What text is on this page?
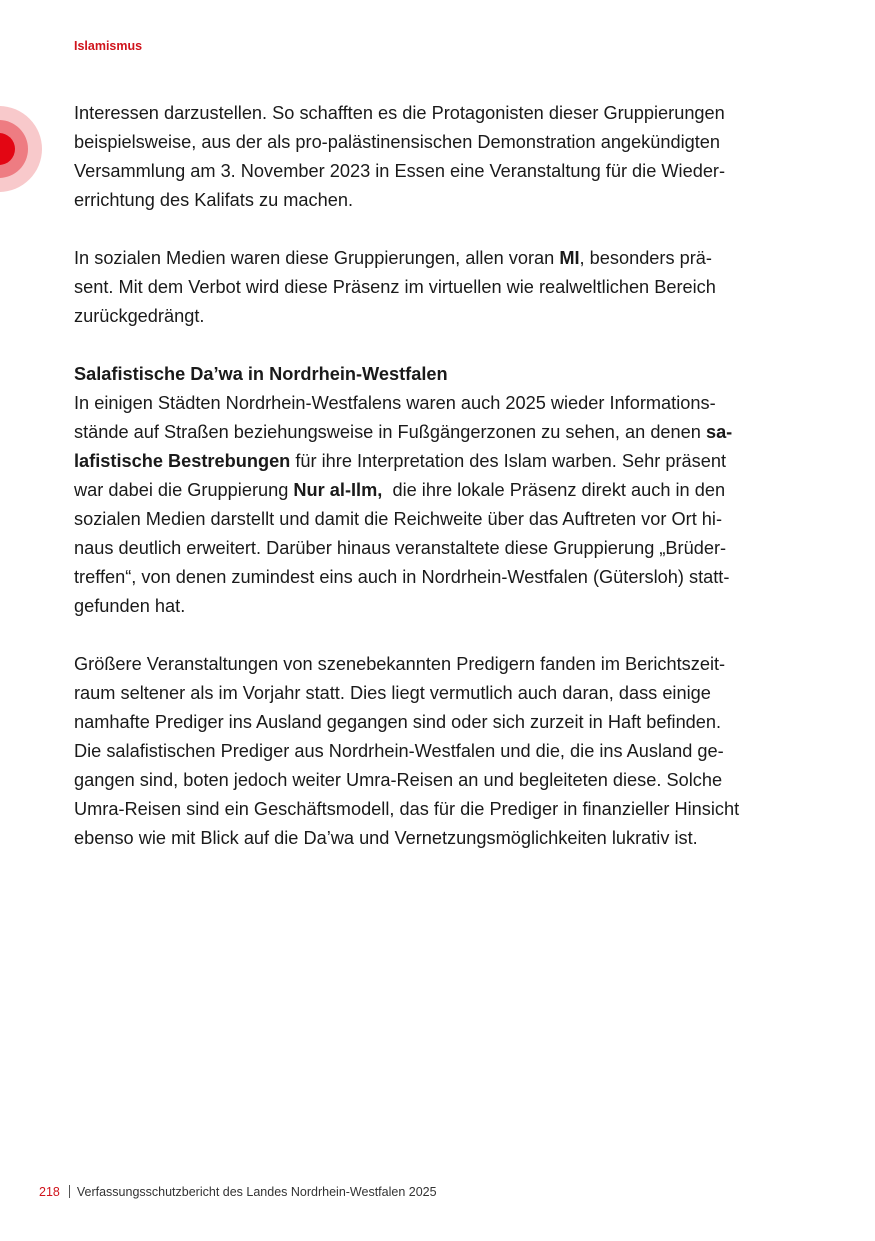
Islamismus
Interessen darzustellen. So schafften es die Protagonisten dieser Gruppierungen
beispielsweise, aus der als pro-palästinensischen Demonstration angekündigten
Versammlung am 3. November 2023 in Essen eine Veranstaltung für die Wieder-
errichtung des Kalifats zu machen.
In sozialen Medien waren diese Gruppierungen, allen voran MI, besonders prä-
sent. Mit dem Verbot wird diese Präsenz im virtuellen wie realweltlichen Bereich
zurückgedrängt.
Salafistische Da’wa in Nordrhein-Westfalen
In einigen Städten Nordrhein-Westfalens waren auch 2025 wieder Informations-
stände auf Straßen beziehungsweise in Fußgängerzonen zu sehen, an denen sa-
lafistische Bestrebungen für ihre Interpretation des Islam warben. Sehr präsent
war dabei die Gruppierung Nur al-Ilm,  die ihre lokale Präsenz direkt auch in den
sozialen Medien darstellt und damit die Reichweite über das Auftreten vor Ort hi-
naus deutlich erweitert. Darüber hinaus veranstaltete diese Gruppierung „Brüder-
treffen“, von denen zumindest eins auch in Nordrhein-Westfalen (Gütersloh) statt-
gefunden hat.
Größere Veranstaltungen von szenebekannten Predigern fanden im Berichtszeit-
raum seltener als im Vorjahr statt. Dies liegt vermutlich auch daran, dass einige
namhafte Prediger ins Ausland gegangen sind oder sich zurzeit in Haft befinden.
Die salafistischen Prediger aus Nordrhein-Westfalen und die, die ins Ausland ge-
gangen sind, boten jedoch weiter Umra-Reisen an und begleiteten diese. Solche
Umra-Reisen sind ein Geschäftsmodell, das für die Prediger in finanzieller Hinsicht
ebenso wie mit Blick auf die Da’wa und Vernetzungsmöglichkeiten lukrativ ist.
218 Verfassungsschutzbericht des Landes Nordrhein-Westfalen 2025
